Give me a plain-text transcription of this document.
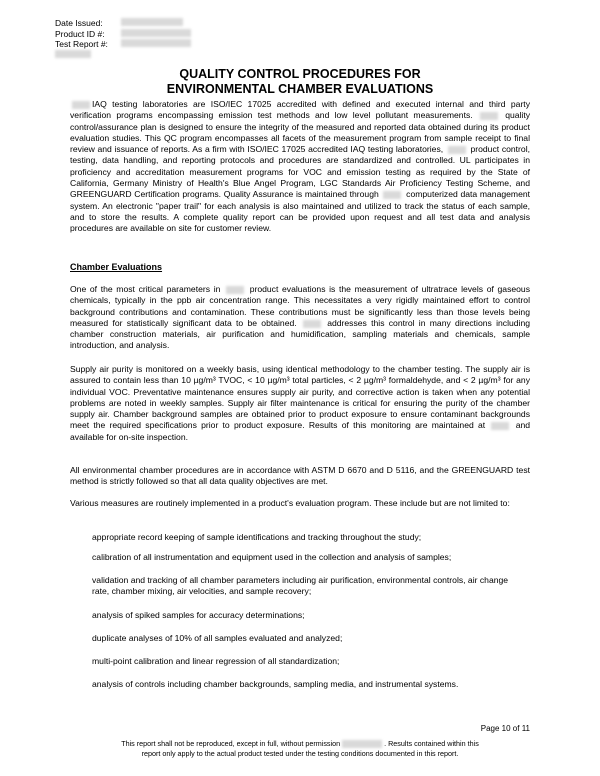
Date Issued:
Product ID #:
Test Report #:
QUALITY CONTROL PROCEDURES FOR
ENVIRONMENTAL CHAMBER EVALUATIONS

IAQ testing laboratories are ISO/IEC 17025 accredited with defined and executed internal and third party verification programs encompassing emission test methods and low level pollutant measurements.	quality control/assurance plan is designed to ensure the integrity of the measured and reported data obtained during its product evaluation studies. This QC program encompasses all facets of the measurement program from sample receipt to final review and issuance of reports. As a firm with ISO/IEC 17025 accredited IAQ testing laboratories,	product control, testing, data handling, and reporting protocols and procedures are standardized and controlled. UL participates in proficiency and accreditation measurement programs for VOC and emission testing as required by the State of California, Germany Ministry of Health's Blue Angel Program, LGC Standards Air Proficiency Testing Scheme, and GREENGUARD Certification programs. Quality Assurance is maintained through	computerized data management system. An electronic "paper trail" for each analysis is also maintained and utilized to track the status of each sample, and to store the results. A complete quality report can be provided upon request and all test data and analysis procedures are available on site for customer review.

Chamber Evaluations

One of the most critical parameters in	product evaluations is the measurement of ultratrace levels of gaseous chemicals, typically in the ppb air concentration range. This necessitates a very rigidly maintained effort to control background contributions and contamination. These contributions must be significantly less than those levels being measured for statistically significant data to be obtained.	addresses this control in many directions including chamber construction materials, air purification and humidification, sampling materials and chemicals, sample introduction, and analysis.

Supply air purity is monitored on a weekly basis, using identical methodology to the chamber testing. The supply air is assured to contain less than 10 µg/m³ TVOC, < 10 µg/m³ total particles, < 2 µg/m³ formaldehyde, and < 2 µg/m³ for any individual VOC. Preventative maintenance ensures supply air purity, and corrective action is taken when any potential problems are noted in weekly samples. Supply air filter maintenance is critical for ensuring the purity of the chamber supply air. Chamber background samples are obtained prior to product exposure to ensure contaminant backgrounds meet the required specifications prior to product exposure. Results of this monitoring are maintained at	and available for on-site inspection.

All environmental chamber procedures are in accordance with ASTM D 6670 and D 5116, and the GREENGUARD test method is strictly followed so that all data quality objectives are met.

Various measures are routinely implemented in a product's evaluation program. These include but are not limited to:

appropriate record keeping of sample identifications and tracking throughout the study;
calibration of all instrumentation and equipment used in the collection and analysis of samples;
validation and tracking of all chamber parameters including air purification, environmental controls, air change rate, chamber mixing, air velocities, and sample recovery;
analysis of spiked samples for accuracy determinations;
duplicate analyses of 10% of all samples evaluated and analyzed;
multi-point calibration and linear regression of all standardization;
analysis of controls including chamber backgrounds, sampling media, and instrumental systems.
Page 10 of 11
This report shall not be reproduced, except in full, without permission	. Results contained within this
report only apply to the actual product tested under the testing conditions documented in this report.
